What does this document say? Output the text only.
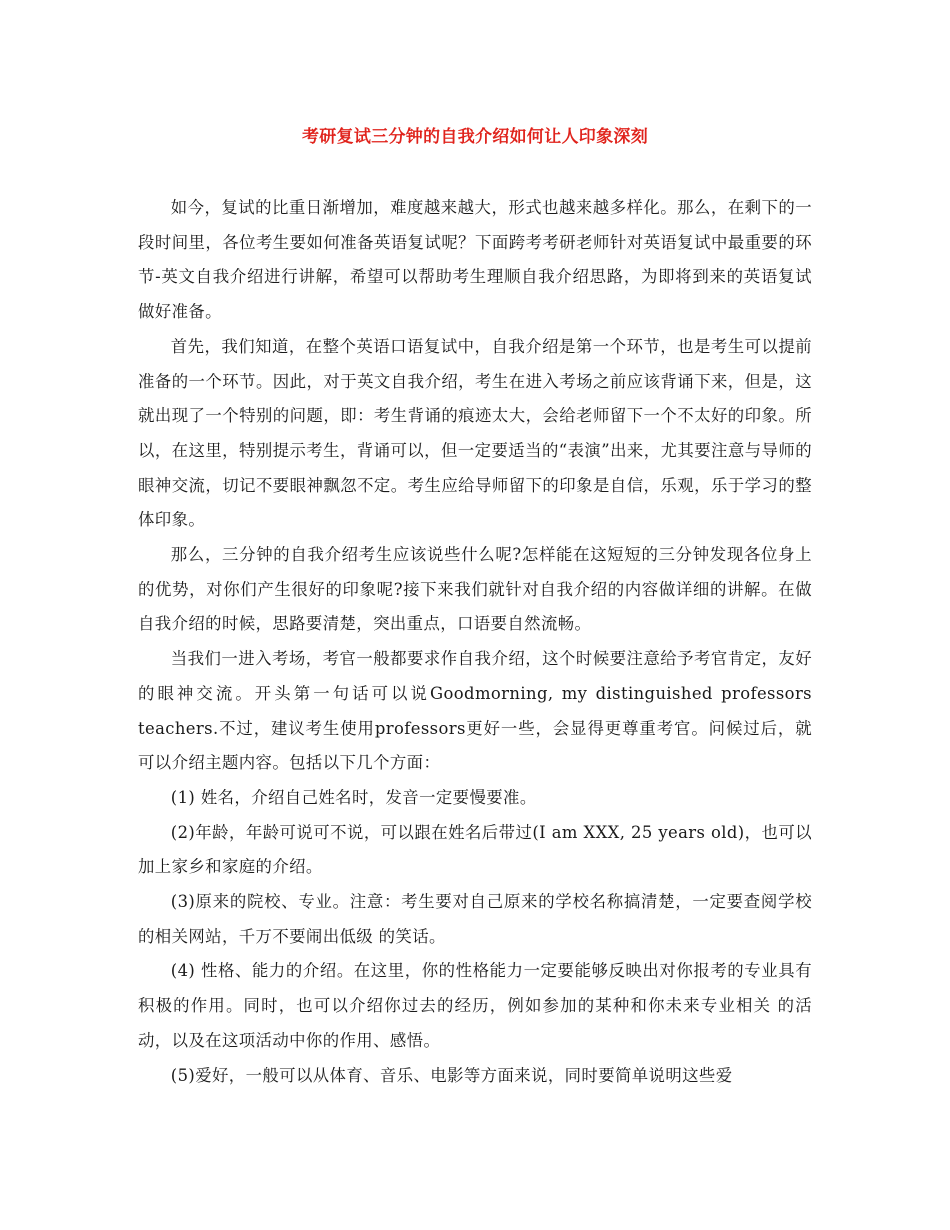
考研复试三分钟的自我介绍如何让人印象深刻

如今，复试的比重日渐增加，难度越来越大，形式也越来越多样化。那么，在剩下的一段时间里，各位考生要如何准备英语复试呢？下面跨考考研老师针对英语复试中最重要的环节-英文自我介绍进行讲解，希望可以帮助考生理顺自我介绍思路，为即将到来的英语复试做好准备。

首先，我们知道，在整个英语口语复试中，自我介绍是第一个环节，也是考生可以提前准备的一个环节。因此，对于英文自我介绍，考生在进入考场之前应该背诵下来，但是，这就出现了一个特别的问题，即：考生背诵的痕迹太大，会给老师留下一个不太好的印象。所以，在这里，特别提示考生，背诵可以，但一定要适当的“表演”出来，尤其要注意与导师的眼神交流，切记不要眼神飘忽不定。考生应给导师留下的印象是自信，乐观，乐于学习的整体印象。

那么，三分钟的自我介绍考生应该说些什么呢?怎样能在这短短的三分钟发现各位身上的优势，对你们产生很好的印象呢?接下来我们就针对自我介绍的内容做详细的讲解。在做自我介绍的时候，思路要清楚，突出重点，口语要自然流畅。

当我们一进入考场，考官一般都要求作自我介绍，这个时候要注意给予考官肯定，友好的眼神交流。开头第一句话可以说Goodmorning, my distinguished professors teachers.不过，建议考生使用professors更好一些，会显得更尊重考官。问候过后，就可以介绍主题内容。包括以下几个方面：

(1) 姓名，介绍自己姓名时，发音一定要慢要准。

(2)年龄，年龄可说可不说，可以跟在姓名后带过(I am XXX, 25 years old)，也可以加上家乡和家庭的介绍。

(3)原来的院校、专业。注意：考生要对自己原来的学校名称搞清楚，一定要查阅学校的相关网站，千万不要闹出低级 的笑话。

(4) 性格、能力的介绍。在这里，你的性格能力一定要能够反映出对你报考的专业具有积极的作用。同时，也可以介绍你过去的经历，例如参加的某种和你未来专业相关 的活动，以及在这项活动中你的作用、感悟。

(5)爱好，一般可以从体育、音乐、电影等方面来说，同时要简单说明这些爱
